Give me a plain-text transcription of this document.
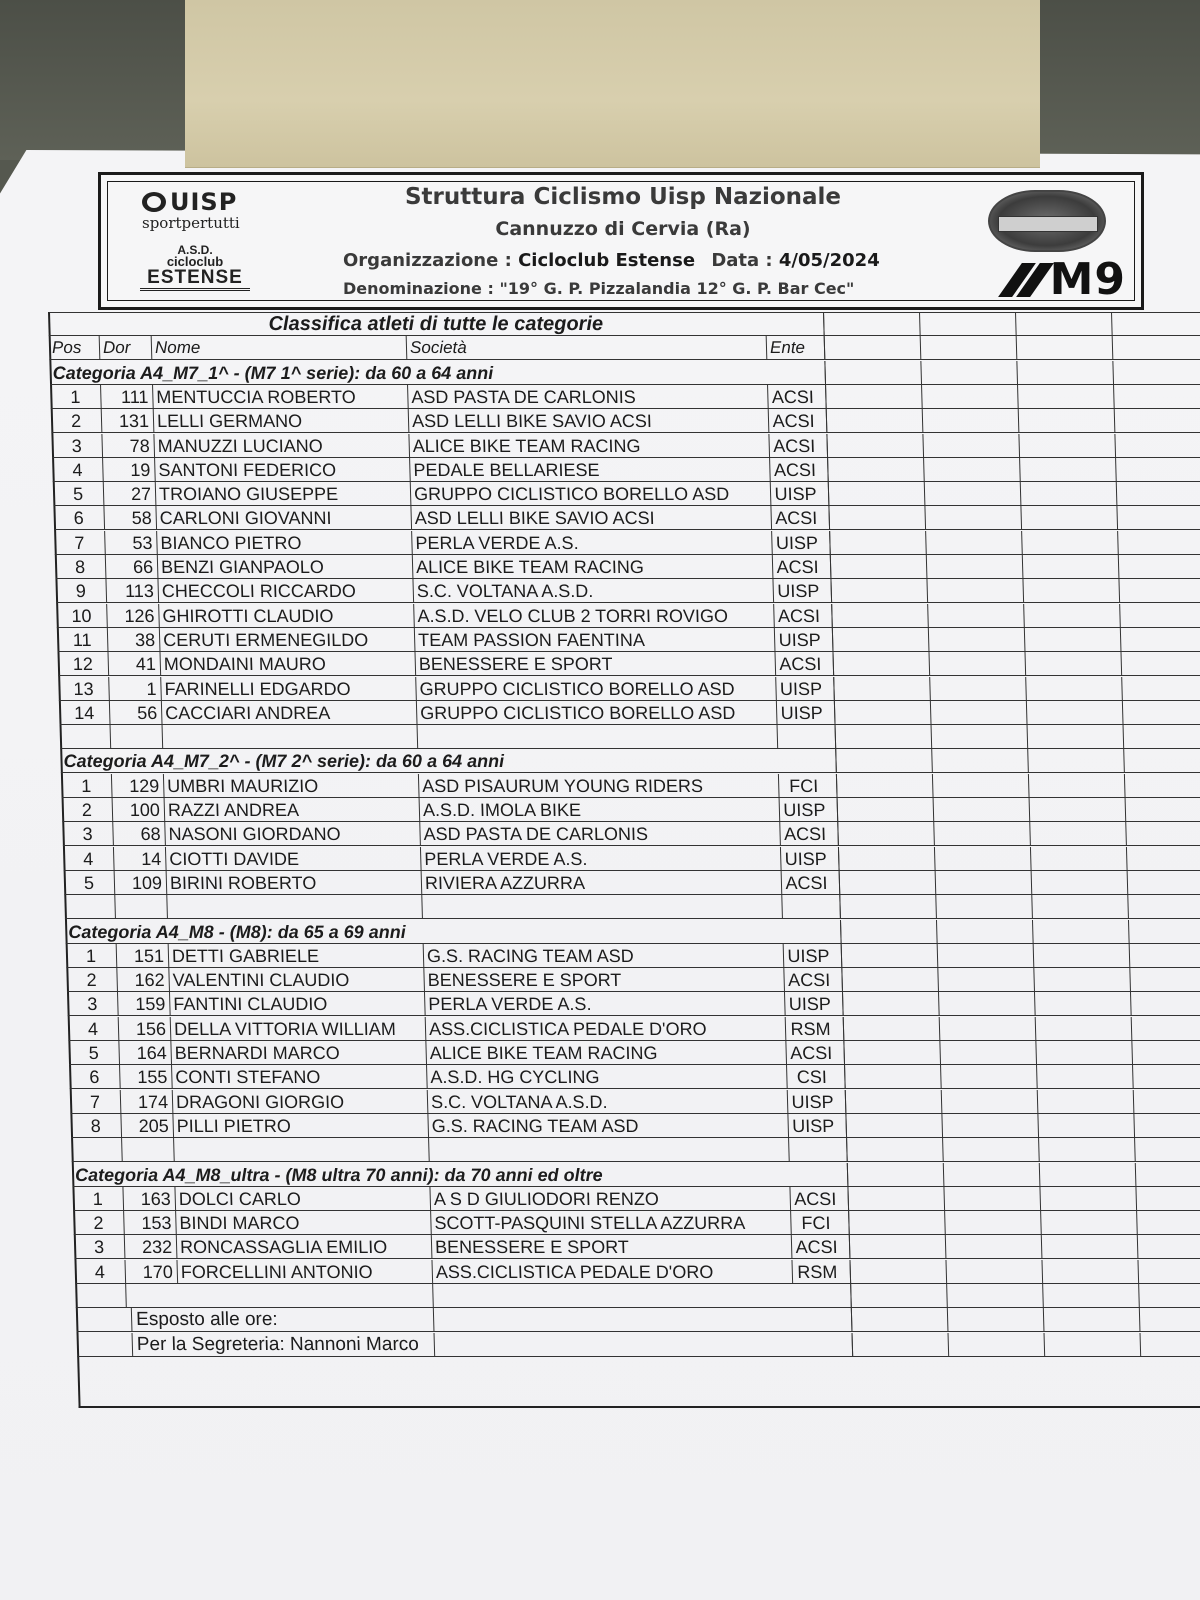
UISP
sportpertutti
A.S.D.
cicloclub
ESTENSE
Struttura Ciclismo Uisp Nazionale
Cannuzzo di Cervia (Ra)
Organizzazione : Cicloclub Estense Data : 4/05/2024
Denominazione : "19° G. P. Pizzalandia 12° G. P. Bar Cec"	M9
Classifica atleti di tutte le categorie
Pos	Dor	Nome	Società	Ente
Categoria A4_M7_1^ - (M7 1^ serie): da 60 a 64 anni
1	111 MENTUCCIA ROBERTO	ASD PASTA DE CARLONIS	ACSI
2	131 LELLI GERMANO	ASD LELLI BIKE SAVIO ACSI	ACSI
3	78 MANUZZI LUCIANO	ALICE BIKE TEAM RACING	ACSI
4	19 SANTONI FEDERICO	PEDALE BELLARIESE	ACSI
5	27 TROIANO GIUSEPPE	GRUPPO CICLISTICO BORELLO ASD	UISP
6	58 CARLONI GIOVANNI	ASD LELLI BIKE SAVIO ACSI	ACSI
7	53 BIANCO PIETRO	PERLA VERDE A.S.	UISP
8	66 BENZI GIANPAOLO	ALICE BIKE TEAM RACING	ACSI
9	113 CHECCOLI RICCARDO	S.C. VOLTANA A.S.D.	UISP
10	126 GHIROTTI CLAUDIO	A.S.D. VELO CLUB 2 TORRI ROVIGO	ACSI
11	38 CERUTI ERMENEGILDO	TEAM PASSION FAENTINA	UISP
12	41 MONDAINI MAURO	BENESSERE E SPORT	ACSI
13	1 FARINELLI EDGARDO	GRUPPO CICLISTICO BORELLO ASD	UISP
14	56 CACCIARI ANDREA	GRUPPO CICLISTICO BORELLO ASD	UISP
Categoria A4_M7_2^ - (M7 2^ serie): da 60 a 64 anni
1	129 UMBRI MAURIZIO	ASD PISAURUM YOUNG RIDERS	FCI
2	100 RAZZI ANDREA	A.S.D. IMOLA BIKE	UISP
3	68 NASONI GIORDANO	ASD PASTA DE CARLONIS	ACSI
4	14 CIOTTI DAVIDE	PERLA VERDE A.S.	UISP
5	109 BIRINI ROBERTO	RIVIERA AZZURRA	ACSI
Categoria A4_M8 - (M8): da 65 a 69 anni
1	151 DETTI GABRIELE	G.S. RACING TEAM ASD	UISP
2	162 VALENTINI CLAUDIO	BENESSERE E SPORT	ACSI
3	159 FANTINI CLAUDIO	PERLA VERDE A.S.	UISP
4	156 DELLA VITTORIA WILLIAM	ASS.CICLISTICA PEDALE D'ORO	RSM
5	164 BERNARDI MARCO	ALICE BIKE TEAM RACING	ACSI
6	155 CONTI STEFANO	A.S.D. HG CYCLING	CSI
7	174 DRAGONI GIORGIO	S.C. VOLTANA A.S.D.	UISP
8	205 PILLI PIETRO	G.S. RACING TEAM ASD	UISP
Categoria A4_M8_ultra - (M8 ultra 70 anni): da 70 anni ed oltre
1	163 DOLCI CARLO	A S D GIULIODORI RENZO	ACSI
2	153 BINDI MARCO	SCOTT-PASQUINI STELLA AZZURRA	FCI
3	232 RONCASSAGLIA EMILIO	BENESSERE E SPORT	ACSI
4	170 FORCELLINI ANTONIO	ASS.CICLISTICA PEDALE D'ORO	RSM
Esposto alle ore:
Per la Segreteria: Nannoni Marco
